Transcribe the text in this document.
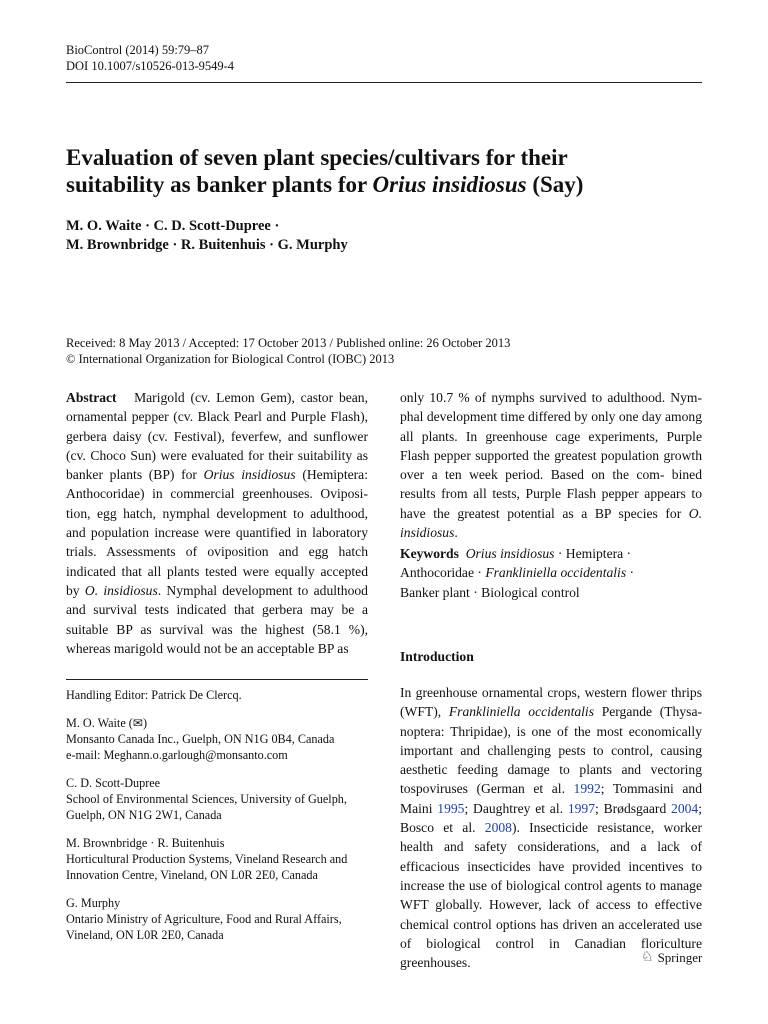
BioControl (2014) 59:79–87
DOI 10.1007/s10526-013-9549-4
Evaluation of seven plant species/cultivars for their
suitability as banker plants for Orius insidiosus (Say)
M. O. Waite · C. D. Scott-Dupree ·
M. Brownbridge · R. Buitenhuis · G. Murphy
Received: 8 May 2013 / Accepted: 17 October 2013 / Published online: 26 October 2013
© International Organization for Biological Control (IOBC) 2013
Abstract Marigold (cv. Lemon Gem), castor bean, ornamental pepper (cv. Black Pearl and Purple Flash), gerbera daisy (cv. Festival), feverfew, and sunflower (cv. Choco Sun) were evaluated for their suitability as banker plants (BP) for Orius insidiosus (Hemiptera: Anthocoridae) in commercial greenhouses. Oviposi- tion, egg hatch, nymphal development to adulthood, and population increase were quantified in laboratory trials. Assessments of oviposition and egg hatch indicated that all plants tested were equally accepted by O. insidiosus. Nymphal development to adulthood and survival tests indicated that gerbera may be a suitable BP as survival was the highest (58.1 %), whereas marigold would not be an acceptable BP as
only 10.7 % of nymphs survived to adulthood. Nym- phal development time differed by only one day among all plants. In greenhouse cage experiments, Purple Flash pepper supported the greatest population growth over a ten week period. Based on the com- bined results from all tests, Purple Flash pepper appears to have the greatest potential as a BP species for O. insidiosus.
Keywords Orius insidiosus · Hemiptera ·
Anthocoridae · Frankliniella occidentalis ·
Banker plant · Biological control
Introduction
In greenhouse ornamental crops, western flower thrips (WFT), Frankliniella occidentalis Pergande (Thysa- noptera: Thripidae), is one of the most economically important and challenging pests to control, causing aesthetic feeding damage to plants and vectoring tospoviruses (German et al. 1992; Tommasini and Maini 1995; Daughtrey et al. 1997; Brødsgaard 2004; Bosco et al. 2008). Insecticide resistance, worker health and safety considerations, and a lack of efficacious insecticides have provided incentives to increase the use of biological control agents to manage WFT globally. However, lack of access to effective chemical control options has driven an accelerated use of biological control in Canadian floriculture greenhouses.
Handling Editor: Patrick De Clercq.
M. O. Waite (✉)
Monsanto Canada Inc., Guelph, ON N1G 0B4, Canada
e-mail: Meghann.o.garlough@monsanto.com
C. D. Scott-Dupree
School of Environmental Sciences, University of Guelph,
Guelph, ON N1G 2W1, Canada
M. Brownbridge · R. Buitenhuis
Horticultural Production Systems, Vineland Research and
Innovation Centre, Vineland, ON L0R 2E0, Canada
G. Murphy
Ontario Ministry of Agriculture, Food and Rural Affairs,
Vineland, ON L0R 2E0, Canada
♘ Springer
